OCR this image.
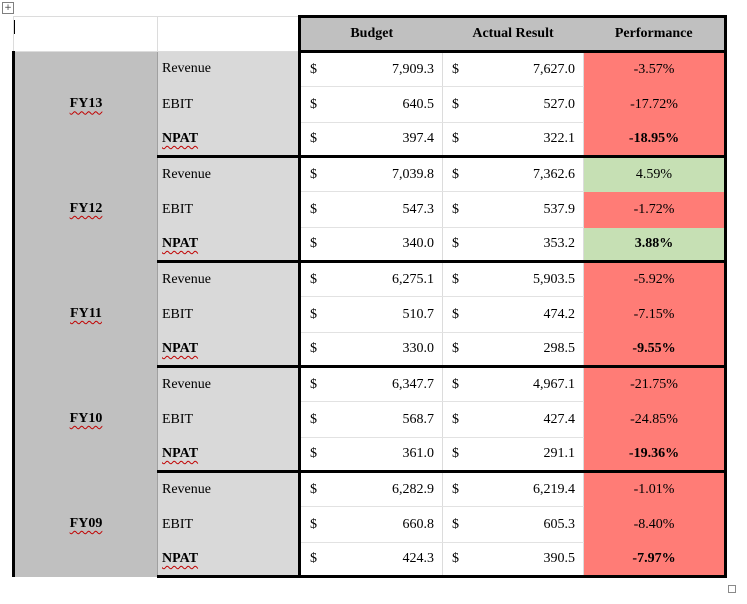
+
		Budget		Actual Result		Performance
FY13	Revenue	$	7,909.3	$	7,627.0	-3.57%
	EBIT	$	640.5	$	527.0	-17.72%
	NPAT	$	397.4	$	322.1	-18.95%
FY12	Revenue	$	7,039.8	$	7,362.6	4.59%
	EBIT	$	547.3	$	537.9	-1.72%
	NPAT	$	340.0	$	353.2	3.88%
FY11	Revenue	$	6,275.1	$	5,903.5	-5.92%
	EBIT	$	510.7	$	474.2	-7.15%
	NPAT	$	330.0	$	298.5	-9.55%
FY10	Revenue	$	6,347.7	$	4,967.1	-21.75%
	EBIT	$	568.7	$	427.4	-24.85%
	NPAT	$	361.0	$	291.1	-19.36%
FY09	Revenue	$	6,282.9	$	6,219.4	-1.01%
	EBIT	$	660.8	$	605.3	-8.40%
	NPAT	$	424.3	$	390.5	-7.97%
